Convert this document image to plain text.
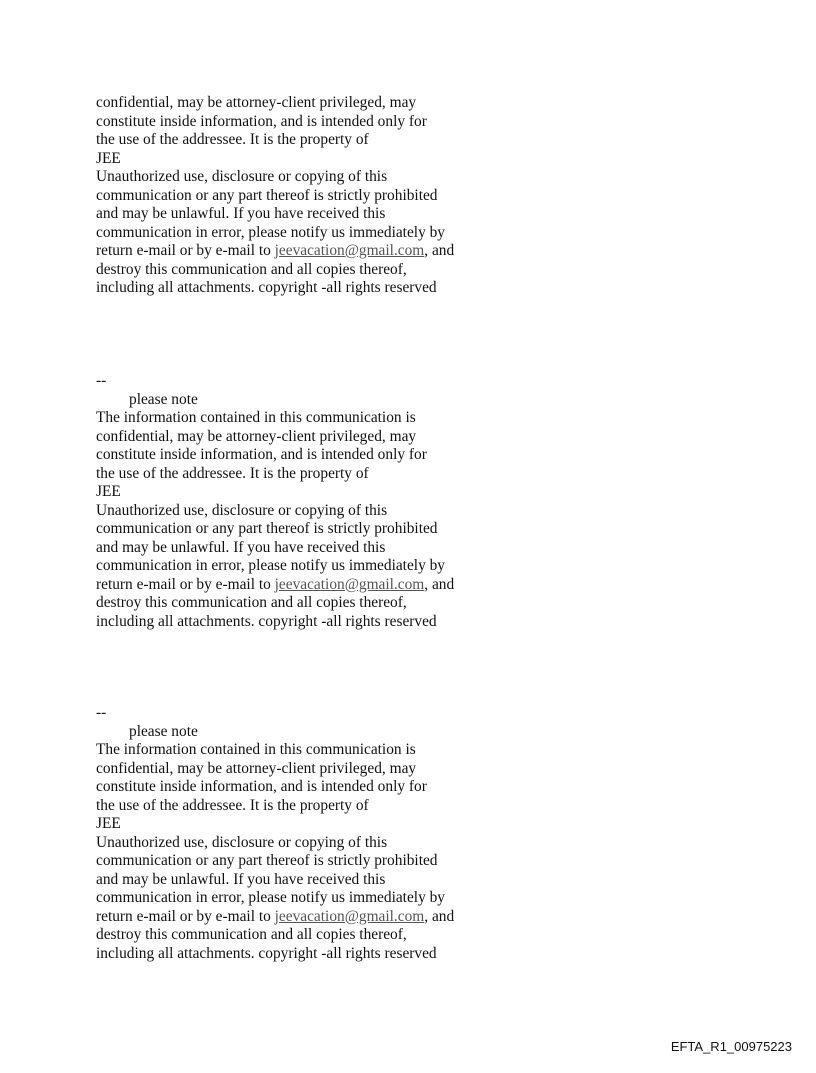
confidential, may be attorney-client privileged, may
constitute inside information, and is intended only for
the use of the addressee. It is the property of
JEE
Unauthorized use, disclosure or copying of this
communication or any part thereof is strictly prohibited
and may be unlawful. If you have received this
communication in error, please notify us immediately by
return e-mail or by e-mail to jeevacation@gmail.com, and
destroy this communication and all copies thereof,
including all attachments. copyright -all rights reserved
--
please note
The information contained in this communication is
confidential, may be attorney-client privileged, may
constitute inside information, and is intended only for
the use of the addressee. It is the property of
JEE
Unauthorized use, disclosure or copying of this
communication or any part thereof is strictly prohibited
and may be unlawful. If you have received this
communication in error, please notify us immediately by
return e-mail or by e-mail to jeevacation@gmail.com, and
destroy this communication and all copies thereof,
including all attachments. copyright -all rights reserved
--
please note
The information contained in this communication is
confidential, may be attorney-client privileged, may
constitute inside information, and is intended only for
the use of the addressee. It is the property of
JEE
Unauthorized use, disclosure or copying of this
communication or any part thereof is strictly prohibited
and may be unlawful. If you have received this
communication in error, please notify us immediately by
return e-mail or by e-mail to jeevacation@gmail.com, and
destroy this communication and all copies thereof,
including all attachments. copyright -all rights reserved
EFTA_R1_00975223
